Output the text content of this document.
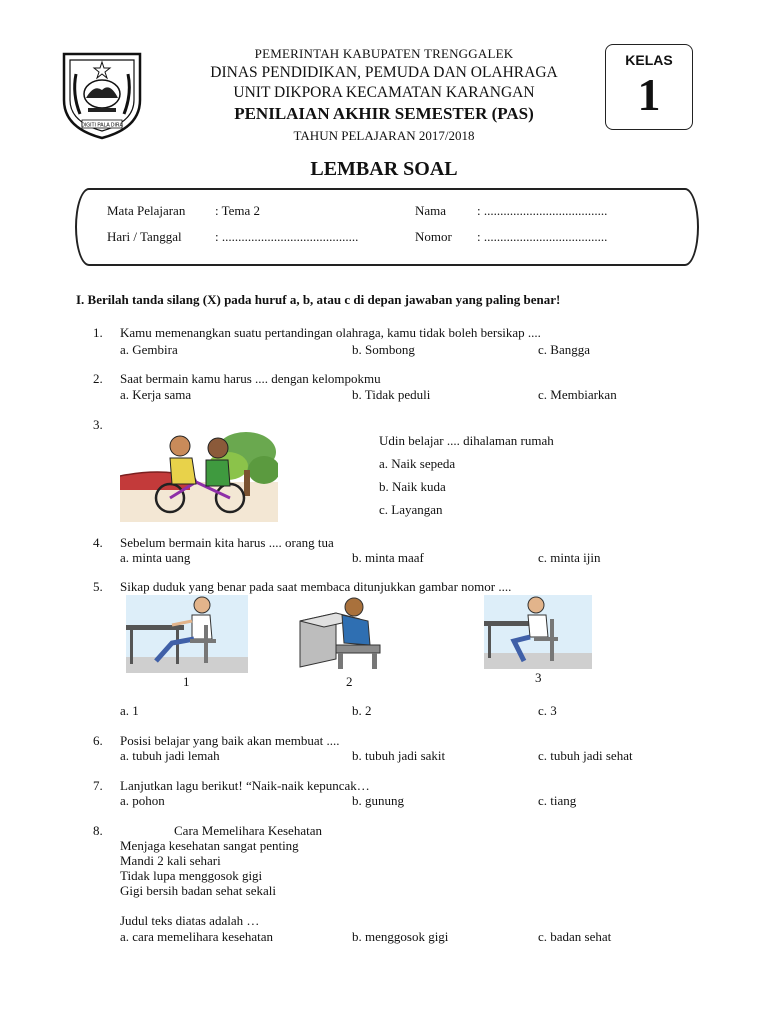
DIGITI PALA DIRA
PEMERINTAH KABUPATEN TRENGGALEK
DINAS PENDIDIKAN, PEMUDA DAN OLAHRAGA
UNIT DIKPORA KECAMATAN KARANGAN
PENILAIAN AKHIR SEMESTER (PAS)
TAHUN PELAJARAN 2017/2018
KELAS
1
LEMBAR SOAL
Mata Pelajaran : Tema 2	Nama : ......................................
Hari / Tanggal	: ..........................................	Nomor : ......................................
I. Berilah tanda silang (X) pada huruf a, b, atau c di depan jawaban yang paling benar!
1. Kamu memenangkan suatu pertandingan olahraga, kamu tidak boleh bersikap ....
a. Gembira	b. Sombong	c. Bangga
2. Saat bermain kamu harus .... dengan kelompokmu
a. Kerja sama	b. Tidak peduli	c. Membiarkan
3.
Udin belajar .... dihalaman rumah
a. Naik sepeda
b. Naik kuda
c. Layangan
4. Sebelum bermain kita harus .... orang tua
a. minta uang	b. minta maaf	c. minta ijin
5. Sikap duduk yang benar pada saat membaca ditunjukkan gambar nomor ....
1	2	3
a. 1	b. 2	c. 3
6. Posisi belajar yang baik akan membuat ....
a. tubuh jadi lemah	b. tubuh jadi sakit	c. tubuh jadi sehat
7. Lanjutkan lagu berikut! “Naik-naik kepuncak…
a. pohon	b. gunung	c. tiang
8.	Cara Memelihara Kesehatan
Menjaga kesehatan sangat penting
Mandi 2 kali sehari
Tidak lupa menggosok gigi
Gigi bersih badan sehat sekali
Judul teks diatas adalah …
a. cara memelihara kesehatan	b. menggosok gigi	c. badan sehat
